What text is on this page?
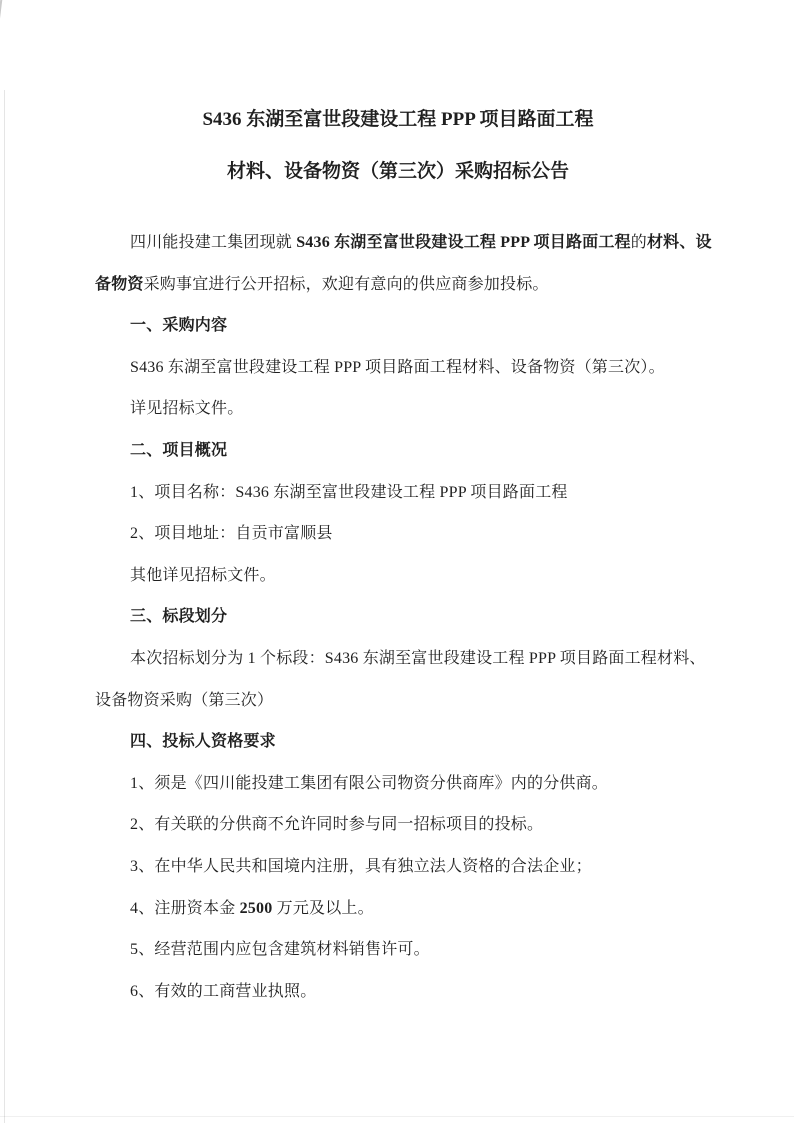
S436 东湖至富世段建设工程 PPP 项目路面工程
材料、设备物资（第三次）采购招标公告
四川能投建工集团现就 S436 东湖至富世段建设工程 PPP 项目路面工程的材料、设
备物资采购事宜进行公开招标，欢迎有意向的供应商参加投标。
一、采购内容
S436 东湖至富世段建设工程 PPP 项目路面工程材料、设备物资（第三次）。
详见招标文件。
二、项目概况
1、项目名称：S436 东湖至富世段建设工程 PPP 项目路面工程
2、项目地址：自贡市富顺县
其他详见招标文件。
三、标段划分
本次招标划分为 1 个标段：S436 东湖至富世段建设工程 PPP 项目路面工程材料、
设备物资采购（第三次）
四、投标人资格要求
1、须是《四川能投建工集团有限公司物资分供商库》内的分供商。
2、有关联的分供商不允许同时参与同一招标项目的投标。
3、在中华人民共和国境内注册，具有独立法人资格的合法企业；
4、注册资本金 2500 万元及以上。
5、经营范围内应包含建筑材料销售许可。
6、有效的工商营业执照。
